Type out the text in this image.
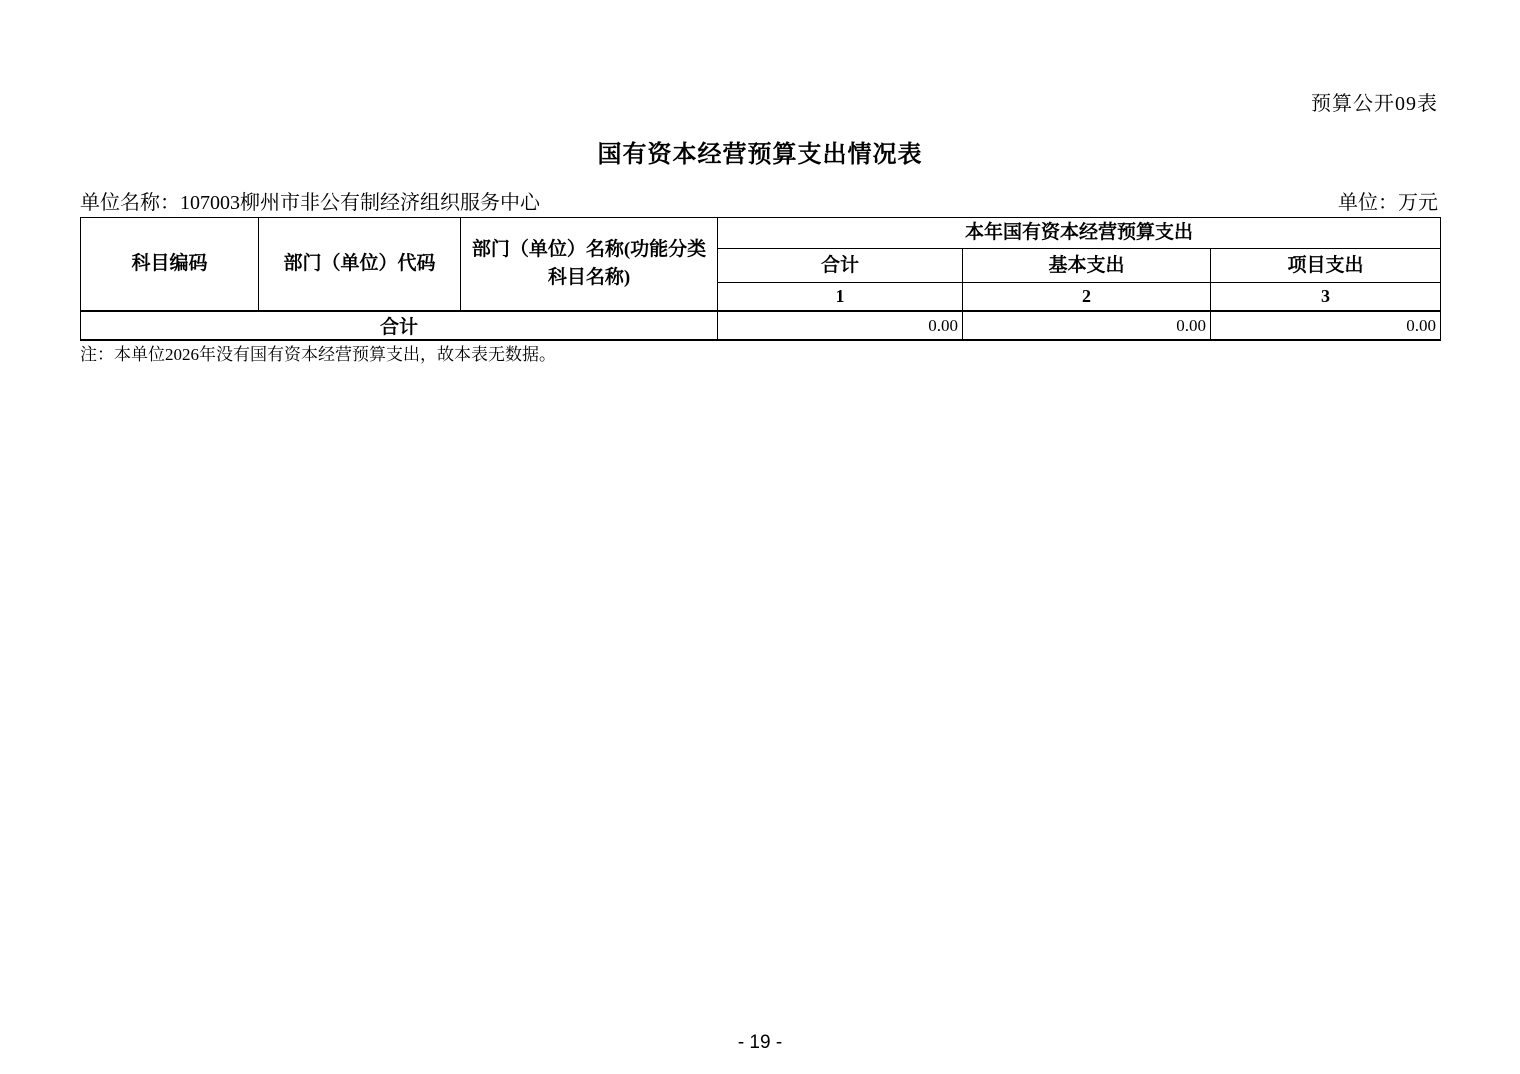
预算公开09表
国有资本经营预算支出情况表
单位名称：107003柳州市非公有制经济组织服务中心	单位：万元
科目编码	部门（单位）代码	部门（单位）名称(功能分类科目名称)	本年国有资本经营预算支出		
			合计	基本支出	项目支出
			1	2	3
合计			0.00	0.00	0.00
注：本单位2026年没有国有资本经营预算支出，故本表无数据。
- 19 -
